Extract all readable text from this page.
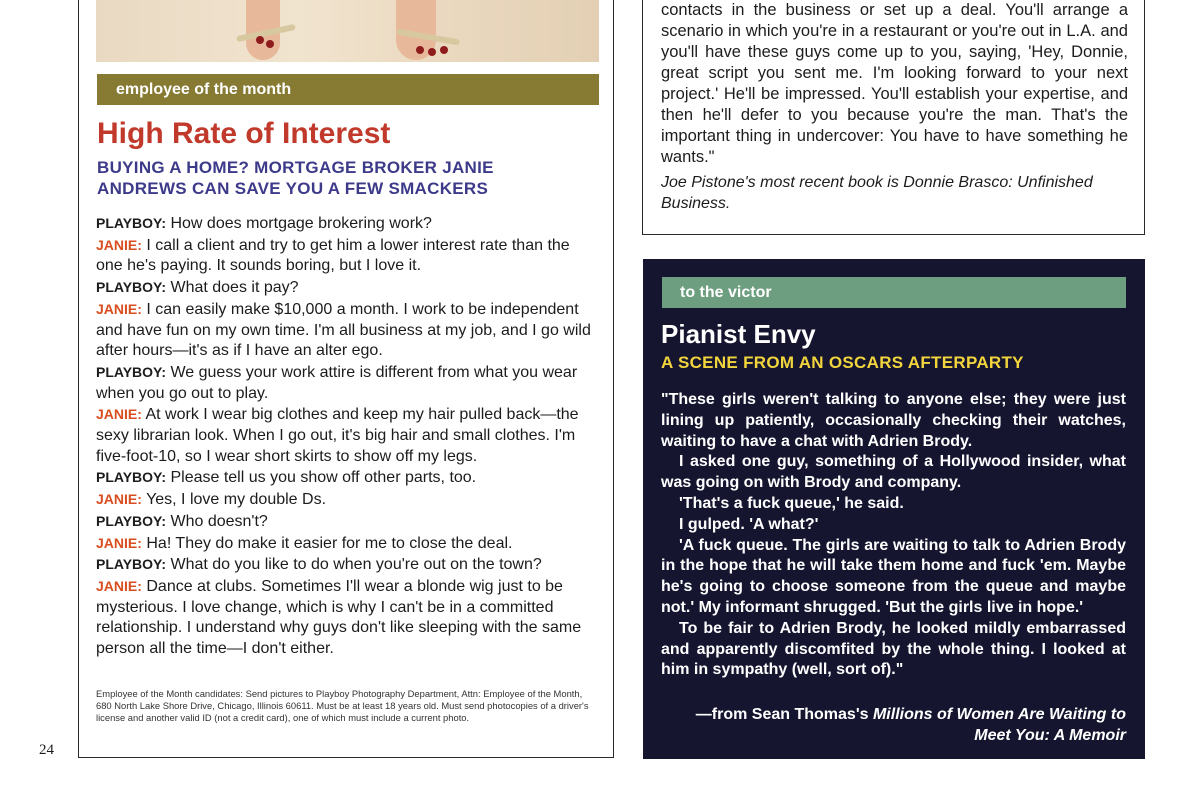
employee of the month
High Rate of Interest
BUYING A HOME? MORTGAGE BROKER JANIE ANDREWS CAN SAVE YOU A FEW SMACKERS

PLAYBOY: How does mortgage brokering work?

JANIE: I call a client and try to get him a lower interest rate than the one he's paying. It sounds boring, but I love it.

PLAYBOY: What does it pay?

JANIE: I can easily make $10,000 a month. I work to be independent and have fun on my own time. I'm all business at my job, and I go wild after hours—it's as if I have an alter ego.

PLAYBOY: We guess your work attire is different from what you wear when you go out to play.

JANIE: At work I wear big clothes and keep my hair pulled back—the sexy librarian look. When I go out, it's big hair and small clothes. I'm five-foot-10, so I wear short skirts to show off my legs.

PLAYBOY: Please tell us you show off other parts, too.

JANIE: Yes, I love my double Ds.

PLAYBOY: Who doesn't?

JANIE: Ha! They do make it easier for me to close the deal.

PLAYBOY: What do you like to do when you're out on the town?

JANIE: Dance at clubs. Sometimes I'll wear a blonde wig just to be mysterious. I love change, which is why I can't be in a committed relationship. I understand why guys don't like sleeping with the same person all the time—I don't either.

Employee of the Month candidates: Send pictures to Playboy Photography Department, Attn: Employee of the Month, 680 North Lake Shore Drive, Chicago, Illinois 60611. Must be at least 18 years old. Must send photocopies of a driver's license and another valid ID (not a credit card), one of which must include a current photo.
24

contacts in the business or set up a deal. You'll arrange a scenario in which you're in a restaurant or you're out in L.A. and you'll have these guys come up to you, saying, 'Hey, Donnie, great script you sent me. I'm looking forward to your next project.' He'll be impressed. You'll establish your expertise, and then he'll defer to you because you're the man. That's the important thing in undercover: You have to have something he wants."

Joe Pistone's most recent book is Donnie Brasco: Unfinished Business.
to the victor
Pianist Envy
A SCENE FROM AN OSCARS AFTERPARTY

"These girls weren't talking to anyone else; they were just lining up patiently, occasionally checking their watches, waiting to have a chat with Adrien Brody.

I asked one guy, something of a Hollywood insider, what was going on with Brody and company.

'That's a fuck queue,' he said.

I gulped. 'A what?'

'A fuck queue. The girls are waiting to talk to Adrien Brody in the hope that he will take them home and fuck 'em. Maybe he's going to choose someone from the queue and maybe not.' My informant shrugged. 'But the girls live in hope.'

To be fair to Adrien Brody, he looked mildly embarrassed and apparently discomfited by the whole thing. I looked at him in sympathy (well, sort of)."

—from Sean Thomas's Millions of Women Are Waiting to Meet You: A Memoir
